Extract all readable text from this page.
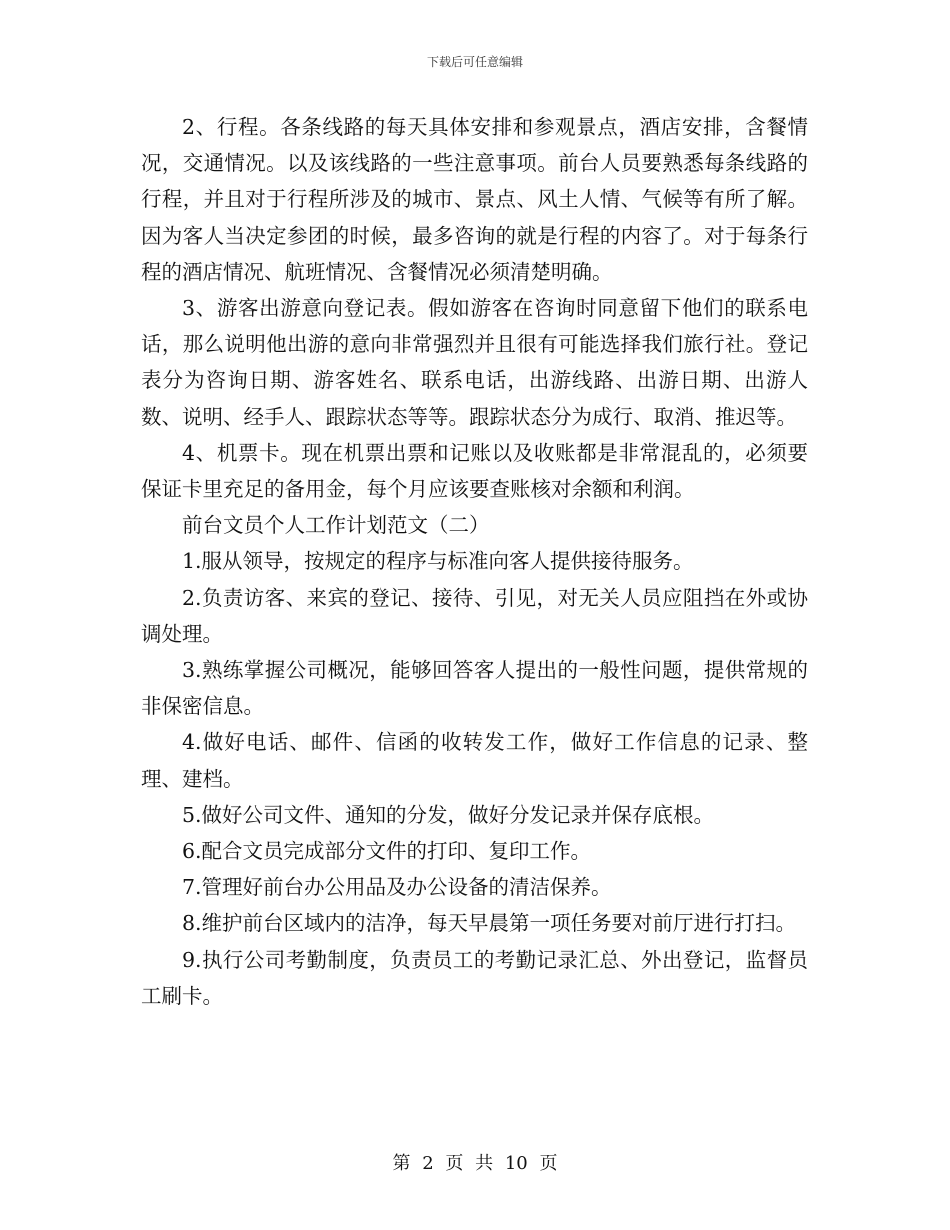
下载后可任意编辑

2、行程。各条线路的每天具体安排和参观景点，酒店安排，含餐情况，交通情况。以及该线路的一些注意事项。前台人员要熟悉每条线路的行程，并且对于行程所涉及的城市、景点、风土人情、气候等有所了解。因为客人当决定参团的时候，最多咨询的就是行程的内容了。对于每条行程的酒店情况、航班情况、含餐情况必须清楚明确。

3、游客出游意向登记表。假如游客在咨询时同意留下他们的联系电话，那么说明他出游的意向非常强烈并且很有可能选择我们旅行社。登记表分为咨询日期、游客姓名、联系电话，出游线路、出游日期、出游人数、说明、经手人、跟踪状态等等。跟踪状态分为成行、取消、推迟等。

4、机票卡。现在机票出票和记账以及收账都是非常混乱的，必须要保证卡里充足的备用金，每个月应该要查账核对余额和利润。

前台文员个人工作计划范文（二）

1.服从领导，按规定的程序与标准向客人提供接待服务。

2.负责访客、来宾的登记、接待、引见，对无关人员应阻挡在外或协调处理。

3.熟练掌握公司概况，能够回答客人提出的一般性问题，提供常规的非保密信息。

4.做好电话、邮件、信函的收转发工作，做好工作信息的记录、整理、建档。

5.做好公司文件、通知的分发，做好分发记录并保存底根。

6.配合文员完成部分文件的打印、复印工作。

7.管理好前台办公用品及办公设备的清洁保养。

8.维护前台区域内的洁净，每天早晨第一项任务要对前厅进行打扫。

9.执行公司考勤制度，负责员工的考勤记录汇总、外出登记，监督员工刷卡。

第 2 页 共 10 页
